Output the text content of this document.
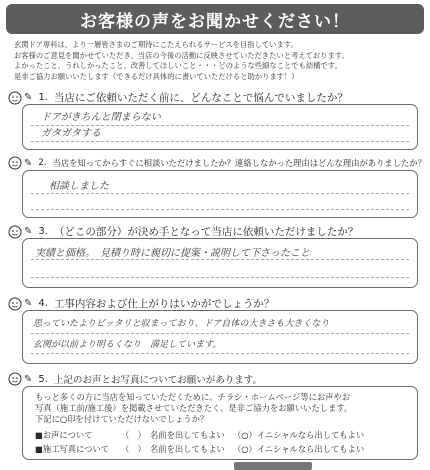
お客様の声をお聞かせください！
玄関ドア専科は、より一層皆さまのご期待にこたえられるサービスを目指しています。
お客様のご意見を聞かせていただき、当店の今後の活動に反映させていただきたいと考えております。
よかったこと、うれしかったこと、改善してほしいこと・・・どのような些細なことでも結構です。
是非ご協力お願いいたします（できるだけ具体的に書いていただけると助かります！）
✎ 1. 当店にご依頼いただく前に、どんなことで悩んでいましたか？
ドアがきちんと閉まらない
ガタガタする
✎ 2. 当店を知ってからすぐに相談いただけましたか？連絡しなかった理由はどんな理由がありましたか？
相談しました
✎ 3. （どこの部分）が決め手となって当店に依頼いただけましたか？
実績と価格。　見積り時に親切に提案・説明して下さったこと
✎ 4. 工事内容および仕上がりはいかがでしょうか？
思っていたよりピッタリと収まっており、ドア自体の大きさも大きくなり
玄関が以前より明るくなり　満足しています。
✎ 5. 上記のお声とお写真についてお願いがあります。
もっと多くの方に当店を知っていただくために、チラシ・ホームページ等にお声やお
写真（施工前/施工後）を掲載させていただきたく、是非ご協力をお願いいたします。
下記に○印を付けていただけないでしょうか？
■お声について	（　）　名前を出してもよい （○）イニシャルなら出してもよい
■施工写真について	（　）　名前を出してもよい （○）イニシャルなら出してもよい
